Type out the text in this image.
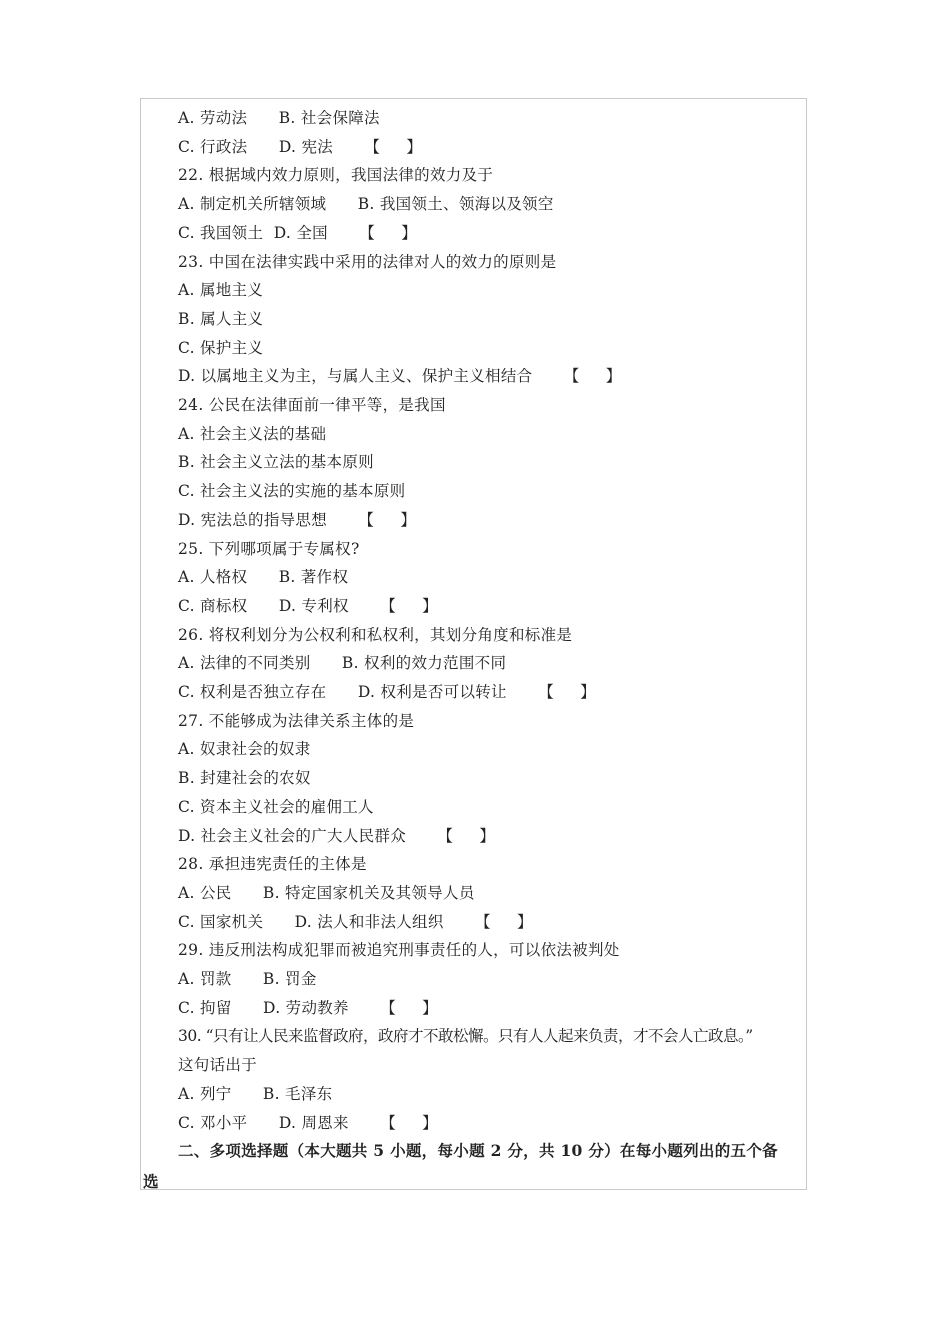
A. 劳动法      B. 社会保障法
C. 行政法      D. 宪法      【     】
22. 根据域内效力原则，我国法律的效力及于
A. 制定机关所辖领域      B. 我国领土、领海以及领空
C. 我国领土  D. 全国      【     】
23. 中国在法律实践中采用的法律对人的效力的原则是
A. 属地主义
B. 属人主义
C. 保护主义
D. 以属地主义为主，与属人主义、保护主义相结合      【     】
24. 公民在法律面前一律平等，是我国
A. 社会主义法的基础
B. 社会主义立法的基本原则
C. 社会主义法的实施的基本原则
D. 宪法总的指导思想      【     】
25. 下列哪项属于专属权?
A. 人格权      B. 著作权
C. 商标权      D. 专利权      【     】
26. 将权利划分为公权利和私权利，其划分角度和标准是
A. 法律的不同类别      B. 权利的效力范围不同
C. 权利是否独立存在      D. 权利是否可以转让      【     】
27. 不能够成为法律关系主体的是
A. 奴隶社会的奴隶
B. 封建社会的农奴
C. 资本主义社会的雇佣工人
D. 社会主义社会的广大人民群众      【     】
28. 承担违宪责任的主体是
A. 公民      B. 特定国家机关及其领导人员
C. 国家机关      D. 法人和非法人组织      【     】
29. 违反刑法构成犯罪而被追究刑事责任的人，可以依法被判处
A. 罚款      B. 罚金
C. 拘留      D. 劳动教养      【     】
30. “只有让人民来监督政府，政府才不敢松懈。只有人人起来负责，才不会人亡政息。”
这句话出于
A. 列宁      B. 毛泽东
C. 邓小平      D. 周恩来      【     】
二、多项选择题（本大题共 5 小题，每小题 2 分，共 10 分）在每小题列出的五个备
选
